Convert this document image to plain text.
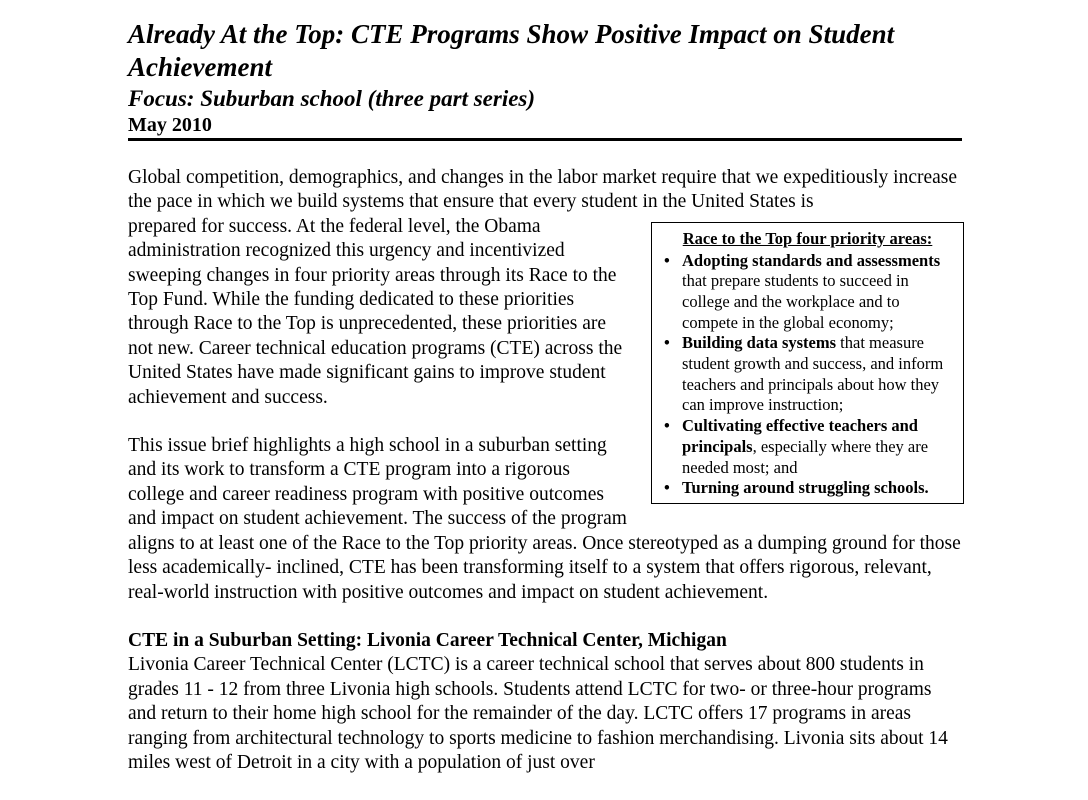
Already At the Top: CTE Programs Show Positive Impact on Student Achievement
Focus: Suburban school (three part series)
May 2010

Global competition, demographics, and changes in the labor market require that we expeditiously increase the pace in which we build systems that ensure that every student in the United States is

Race to the Top four priority areas:
• Adopting standards and assessments that prepare students to succeed in college and the workplace and to compete in the global economy;
• Building data systems that measure student growth and success, and inform teachers and principals about how they can improve instruction;
• Cultivating effective teachers and principals, especially where they are needed most; and
• Turning around struggling schools.

prepared for success. At the federal level, the Obama administration recognized this urgency and incentivized sweeping changes in four priority areas through its Race to the Top Fund. While the funding dedicated to these priorities through Race to the Top is unprecedented, these priorities are not new. Career technical education programs (CTE) across the United States have made significant gains to improve student achievement and success.

This issue brief highlights a high school in a suburban setting and its work to transform a CTE program into a rigorous college and career readiness program with positive outcomes and impact on student achievement. The success of the program aligns to at least one of the Race to the Top priority areas. Once stereotyped as a dumping ground for those less academically- inclined, CTE has been transforming itself to a system that offers rigorous, relevant, real-world instruction with positive outcomes and impact on student achievement.

CTE in a Suburban Setting: Livonia Career Technical Center, Michigan

Livonia Career Technical Center (LCTC) is a career technical school that serves about 800 students in grades 11 - 12 from three Livonia high schools. Students attend LCTC for two- or three-hour programs and return to their home high school for the remainder of the day. LCTC offers 17 programs in areas ranging from architectural technology to sports medicine to fashion merchandising. Livonia sits about 14 miles west of Detroit in a city with a population of just over
